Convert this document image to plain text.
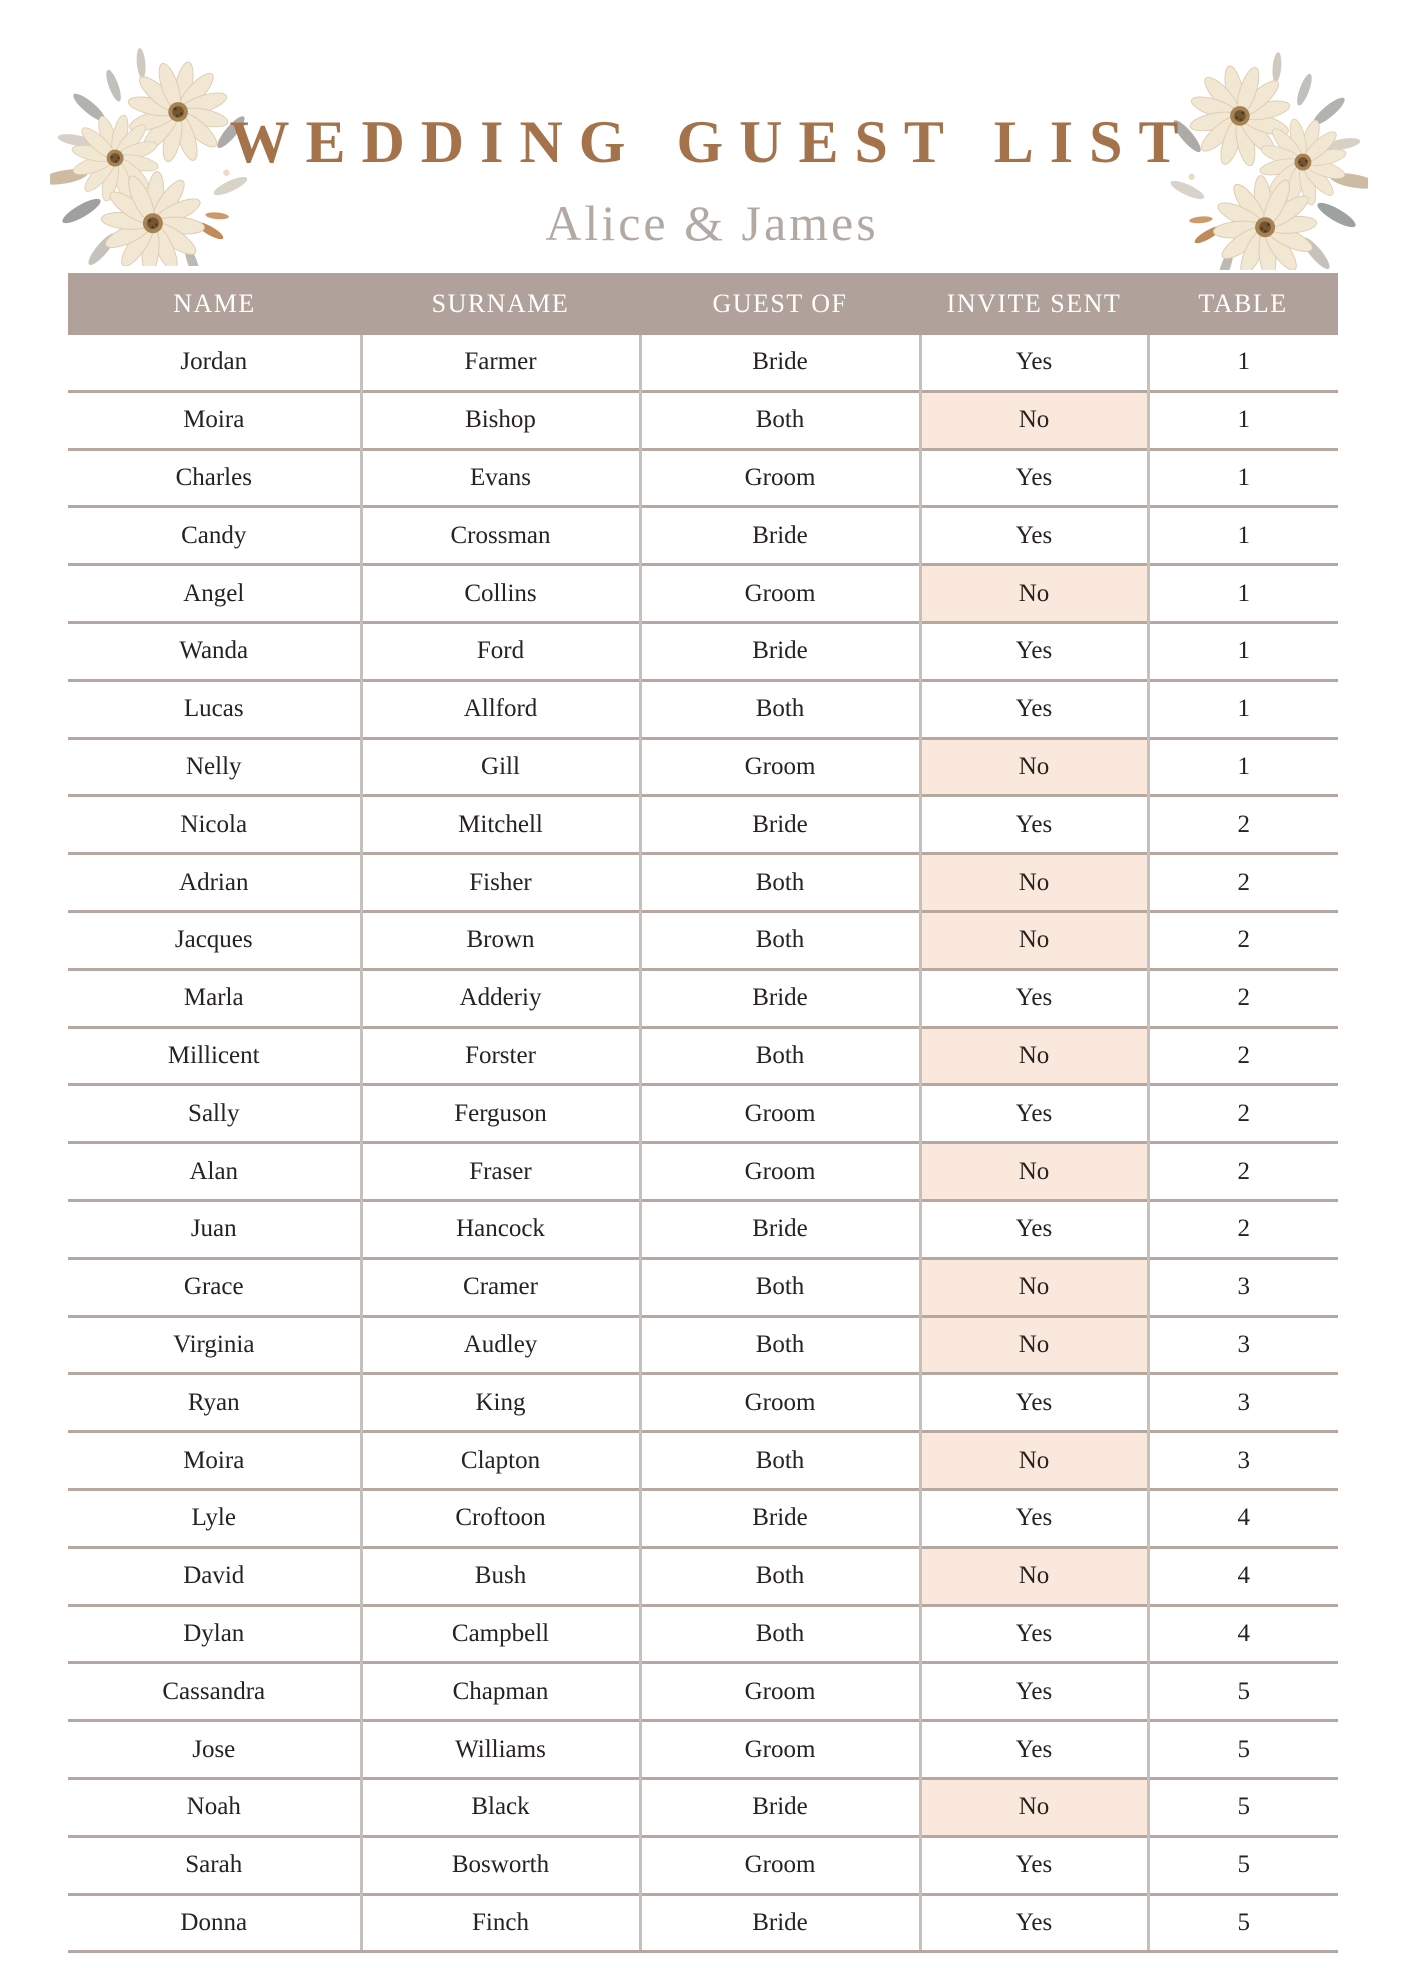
WEDDING GUEST LIST
Alice & James
NAME	SURNAME	GUEST OF	INVITE SENT	TABLE
Jordan	Farmer	Bride	Yes	1
Moira	Bishop	Both	No	1
Charles	Evans	Groom	Yes	1
Candy	Crossman	Bride	Yes	1
Angel	Collins	Groom	No	1
Wanda	Ford	Bride	Yes	1
Lucas	Allford	Both	Yes	1
Nelly	Gill	Groom	No	1
Nicola	Mitchell	Bride	Yes	2
Adrian	Fisher	Both	No	2
Jacques	Brown	Both	No	2
Marla	Adderiy	Bride	Yes	2
Millicent	Forster	Both	No	2
Sally	Ferguson	Groom	Yes	2
Alan	Fraser	Groom	No	2
Juan	Hancock	Bride	Yes	2
Grace	Cramer	Both	No	3
Virginia	Audley	Both	No	3
Ryan	King	Groom	Yes	3
Moira	Clapton	Both	No	3
Lyle	Croftoon	Bride	Yes	4
David	Bush	Both	No	4
Dylan	Campbell	Both	Yes	4
Cassandra	Chapman	Groom	Yes	5
Jose	Williams	Groom	Yes	5
Noah	Black	Bride	No	5
Sarah	Bosworth	Groom	Yes	5
Donna	Finch	Bride	Yes	5
